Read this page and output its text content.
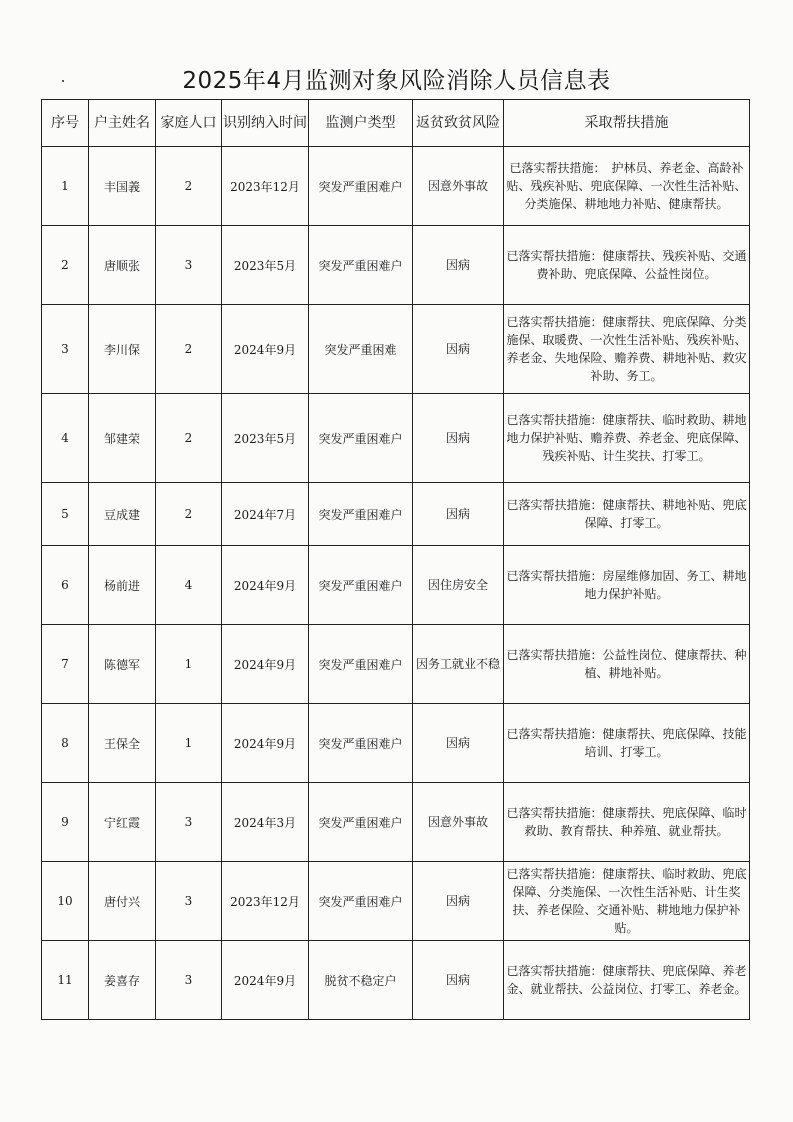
2025年4月监测对象风险消除人员信息表
序号	户主姓名	家庭人口	识别纳入时间	监测户类型	返贫致贫风险	采取帮扶措施
1	丰国義	2	2023年12月	突发严重困难户	因意外事故	已落实帮扶措施：　护林员、养老金、高龄补贴、残疾补贴、兜底保障、一次性生活补贴、分类施保、耕地地力补贴、健康帮扶。
2	唐顺张	3	2023年5月	突发严重困难户	因病	已落实帮扶措施：健康帮扶、残疾补贴、交通费补助、兜底保障、公益性岗位。
3	李川保	2	2024年9月	突发严重困难	因病	已落实帮扶措施：健康帮扶、兜底保障、分类施保、取暖费、一次性生活补贴、残疾补贴、养老金、失地保险、赡养费、耕地补贴、救灾补助、务工。
4	邹建荣	2	2023年5月	突发严重困难户	因病	已落实帮扶措施：健康帮扶、临时救助、耕地地力保护补贴、赡养费、养老金、兜底保障、残疾补贴、计生奖扶、打零工。
5	豆成建	2	2024年7月	突发严重困难户	因病	已落实帮扶措施：健康帮扶、耕地补贴、兜底保障、打零工。
6	杨前进	4	2024年9月	突发严重困难户	因住房安全	已落实帮扶措施：房屋维修加固、务工、耕地地力保护补贴。
7	陈德军	1	2024年9月	突发严重困难户	因务工就业不稳	已落实帮扶措施：公益性岗位、健康帮扶、种植、耕地补贴。
8	王保全	1	2024年9月	突发严重困难户	因病	已落实帮扶措施：健康帮扶、兜底保障、技能培训、打零工。
9	宁红霞	3	2024年3月	突发严重困难户	因意外事故	已落实帮扶措施：健康帮扶、兜底保障、临时救助、教育帮扶、种养殖、就业帮扶。
10	唐付兴	3	2023年12月	突发严重困难户	因病	已落实帮扶措施：健康帮扶、临时救助、兜底保障、分类施保、一次性生活补贴、计生奖扶、养老保险、交通补贴、耕地地力保护补贴。
11	姜喜存	3	2024年9月	脱贫不稳定户	因病	已落实帮扶措施：健康帮扶、兜底保障、养老金、就业帮扶、公益岗位、打零工、养老金。
